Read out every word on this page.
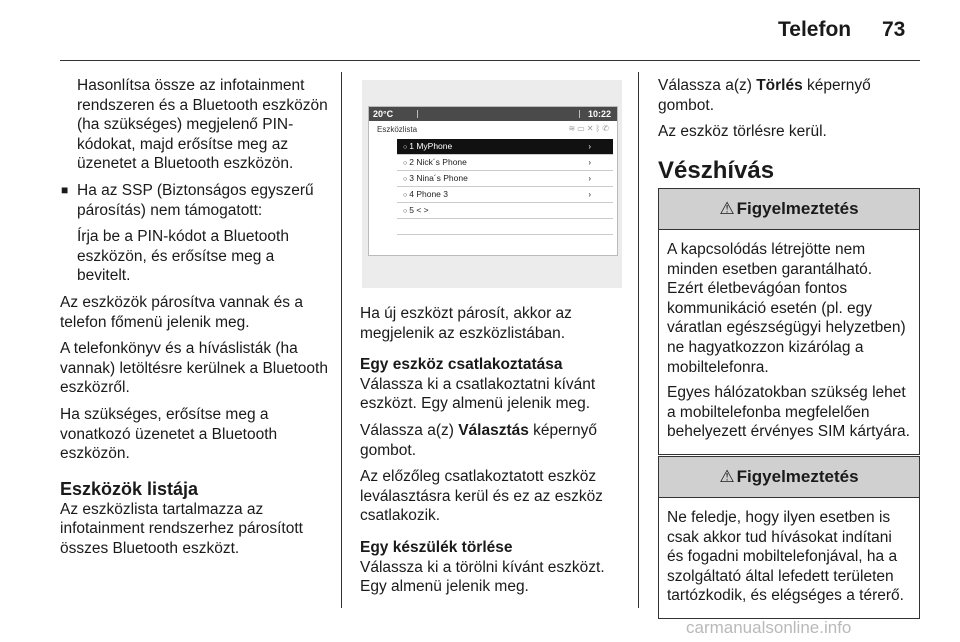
Telefon 73

Hasonlítsa össze az infotainment rendszeren és a Bluetooth eszközön (ha szükséges) megjelenő PIN-kódokat, majd erősítse meg az üzenetet a Bluetooth eszközön.

■ Ha az SSP (Biztonságos egyszerű párosítás) nem támogatott:

Írja be a PIN-kódot a Bluetooth eszközön, és erősítse meg a bevitelt.

Az eszközök párosítva vannak és a telefon főmenü jelenik meg.

A telefonkönyv és a híváslisták (ha vannak) letöltésre kerülnek a Bluetooth eszközről.

Ha szükséges, erősítse meg a vonatkozó üzenetet a Bluetooth eszközön.

Eszközök listája

Az eszközlista tartalmazza az infotainment rendszerhez párosított összes Bluetooth eszközt.

20°C	10:22
Eszközlista	≋▭✕ᛒ✆
○ 1 MyPhone	›
○ 2 Nick´s Phone	›
○ 3 Nina´s Phone	›
○ 4 Phone 3	›
○ 5 < >

Ha új eszközt párosít, akkor az megjelenik az eszközlistában.

Egy eszköz csatlakoztatása

Válassza ki a csatlakoztatni kívánt eszközt. Egy almenü jelenik meg.

Válassza a(z) Választás képernyő gombot.

Az előzőleg csatlakoztatott eszköz leválasztásra kerül és ez az eszköz csatlakozik.

Egy készülék törlése

Válassza ki a törölni kívánt eszközt. Egy almenü jelenik meg.

Válassza a(z) Törlés képernyő gombot.

Az eszköz törlésre kerül.

Vészhívás
⚠ Figyelmeztetés

A kapcsolódás létrejötte nem minden esetben garantálható. Ezért életbevágóan fontos kommunikáció esetén (pl. egy váratlan egészségügyi helyzetben) ne hagyatkozzon kizárólag a mobiltelefonra.

Egyes hálózatokban szükség lehet a mobiltelefonba megfelelően behelyezett érvényes SIM kártyára.

⚠ Figyelmeztetés

Ne feledje, hogy ilyen esetben is csak akkor tud hívásokat indítani és fogadni mobiltelefonjával, ha a szolgáltató által lefedett területen tartózkodik, és elégséges a térerő.

carmanualsonline.info
